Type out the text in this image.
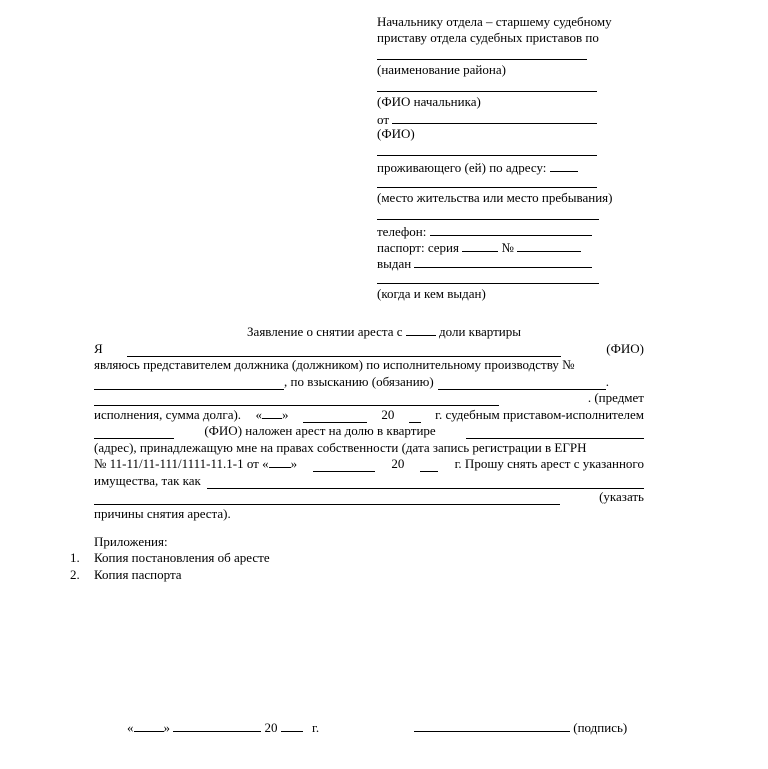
Начальнику отдела – старшему судебному
приставу отдела судебных приставов по
(наименование района)
(ФИО начальника)
от
(ФИО)
проживающего (ей) по адресу:
(место жительства или место пребывания)
телефон:
паспорт: серия	№
выдан
(когда и кем выдан)
Заявление о снятии ареста с	доли квартиры
Я	(ФИО)
являюсь представителем должника (должником) по исполнительному производству №
, по взысканию (обязанию)	.
. (предмет
исполнения, сумма долга). « »	20	г. судебным приставом-исполнителем
(ФИО) наложен арест на долю в квартире
(адрес), принадлежащую мне на правах собственности (дата запись регистрации в ЕГРН
№ 11-11/11-111/1111-11.1-1 от « »	20	г. Прошу снять арест с указанного
имущества, так как
(указать
причины снятия ареста).
Приложения:
1. Копия постановления об аресте
2. Копия паспорта
« »	20	г.	(подпись)
